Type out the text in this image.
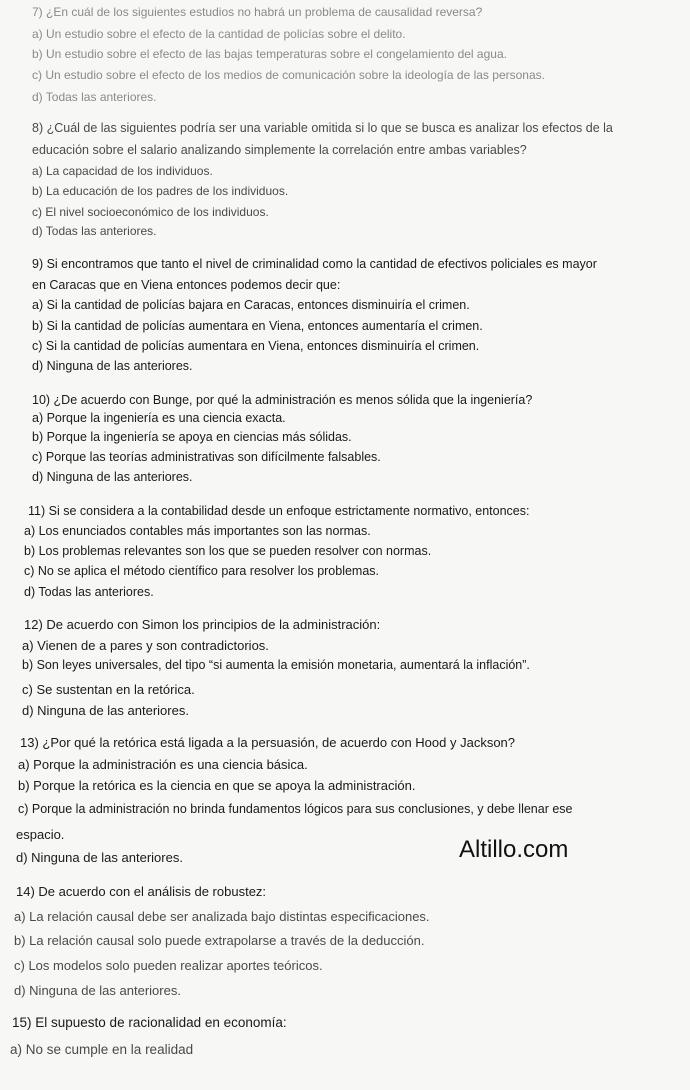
7) ¿En cuál de los siguientes estudios no habrá un problema de causalidad reversa?
a) Un estudio sobre el efecto de la cantidad de policías sobre el delito.
b) Un estudio sobre el efecto de las bajas temperaturas sobre el congelamiento del agua.
c) Un estudio sobre el efecto de los medios de comunicación sobre la ideología de las personas.
d) Todas las anteriores.
8) ¿Cuál de las siguientes podría ser una variable omitida si lo que se busca es analizar los efectos de la
educación sobre el salario analizando simplemente la correlación entre ambas variables?
a) La capacidad de los individuos.
b) La educación de los padres de los individuos.
c) El nivel socioeconómico de los individuos.
d) Todas las anteriores.
9) Si encontramos que tanto el nivel de criminalidad como la cantidad de efectivos policiales es mayor
en Caracas que en Viena entonces podemos decir que:
a) Si la cantidad de policías bajara en Caracas, entonces disminuiría el crimen.
b) Si la cantidad de policías aumentara en Viena, entonces aumentaría el crimen.
c) Si la cantidad de policías aumentara en Viena, entonces disminuiría el crimen.
d) Ninguna de las anteriores.
10) ¿De acuerdo con Bunge, por qué la administración es menos sólida que la ingeniería?
a) Porque la ingeniería es una ciencia exacta.
b) Porque la ingeniería se apoya en ciencias más sólidas.
c) Porque las teorías administrativas son difícilmente falsables.
d) Ninguna de las anteriores.
11) Si se considera a la contabilidad desde un enfoque estrictamente normativo, entonces:
a) Los enunciados contables más importantes son las normas.
b) Los problemas relevantes son los que se pueden resolver con normas.
c) No se aplica el método científico para resolver los problemas.
d) Todas las anteriores.
12) De acuerdo con Simon los principios de la administración:
a) Vienen de a pares y son contradictorios.
b) Son leyes universales, del tipo “si aumenta la emisión monetaria, aumentará la inflación”.
c) Se sustentan en la retórica.
d) Ninguna de las anteriores.
13) ¿Por qué la retórica está ligada a la persuasión, de acuerdo con Hood y Jackson?
a) Porque la administración es una ciencia básica.
b) Porque la retórica es la ciencia en que se apoya la administración.
c) Porque la administración no brinda fundamentos lógicos para sus conclusiones, y debe llenar ese
espacio.
d) Ninguna de las anteriores.	Altillo.com
14) De acuerdo con el análisis de robustez:
a) La relación causal debe ser analizada bajo distintas especificaciones.
b) La relación causal solo puede extrapolarse a través de la deducción.
c) Los modelos solo pueden realizar aportes teóricos.
d) Ninguna de las anteriores.
15) El supuesto de racionalidad en economía:
a) No se cumple en la realidad
